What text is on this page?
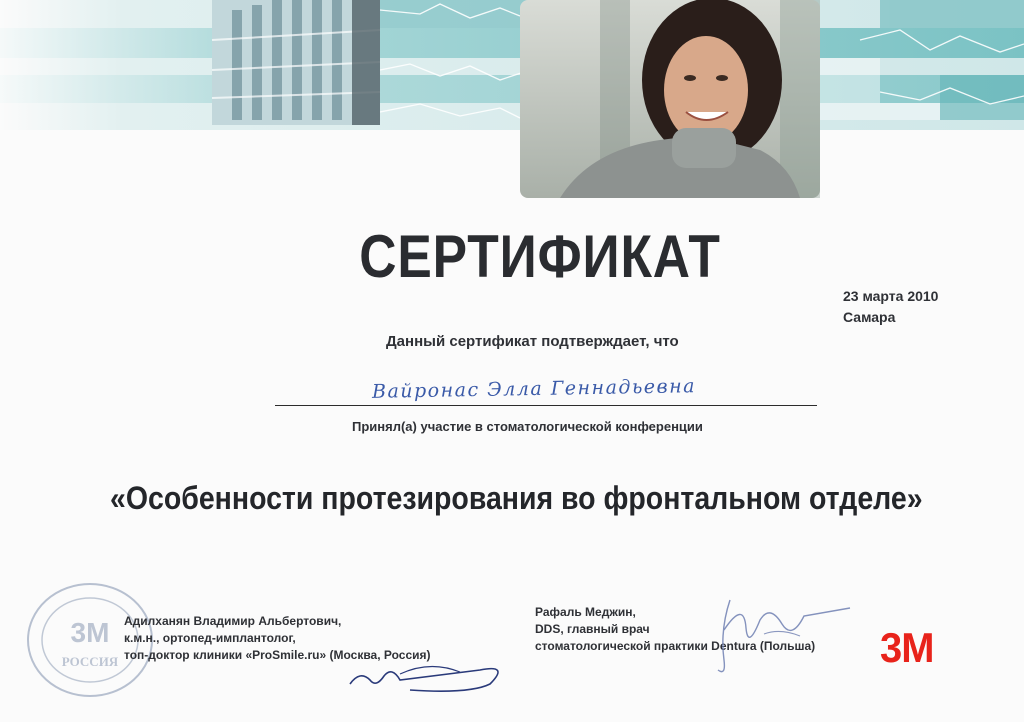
СЕРТИФИКАТ
23 марта 2010
Самара
Данный сертификат подтверждает, что
Вайронас Элла Геннадьевна
Принял(а) участие в стоматологической конференции
«Особенности протезирования во фронтальном отделе»
3M
РОССИЯ
Адилханян Владимир Альбертович,
к.м.н., ортопед-имплантолог,
топ-доктор клиники «ProSmile.ru» (Москва, Россия)
Рафаль Меджин,
DDS, главный врач
стоматологической практики Dentura (Польша) 3M
